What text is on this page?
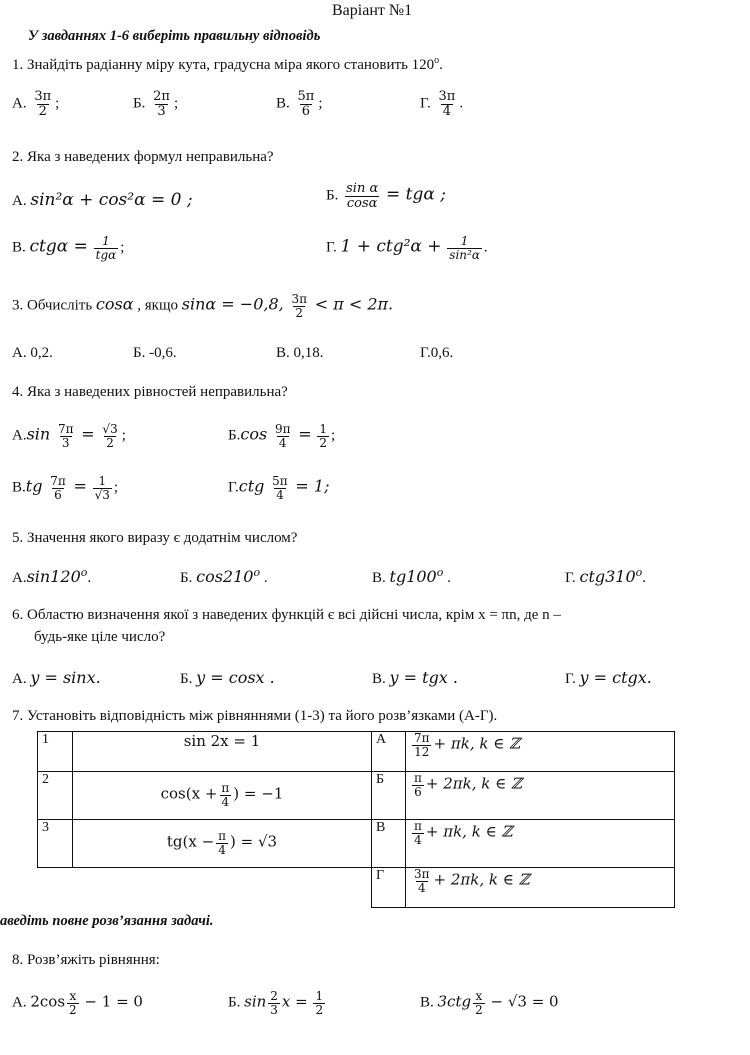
Варіант №1
У завданнях 1-6 виберіть правильну відповідь
1. Знайдіть радіанну міру кута, градусна міра якого становить $120^о$.
А. $\frac{3\pi}{2}$ ;	Б. $\frac{2\pi}{3}$ ;	В. $\frac{5\pi}{6}$ ;	Г. $\frac{3\pi}{4}$ .
2. Яка з наведених формул неправильна?
А. sin²α + cos²α = 0 ;	Б. $\frac{\text{sin α}}{\cos\alpha} = tg\alpha$ ;
В. $ctg\alpha = \frac{1}{\text{tgα}}$ ;	Г. $1 + ctg^2\alpha + \frac{1}{\text{sin²α}}$ .
3. Обчисліть cosα , якщо sinα = −0,8, $\frac{3\pi}{2} < \pi < 2\pi$.
А. 0,2.	Б. -0,6.	В. 0,18.	Г.0,6.
4. Яка з наведених рівностей неправильна?
$А.\sin \frac{7\pi}{3} = \frac{√3}{2}$ ;	$Б.\cos \frac{9\pi}{4} = \frac{1}{2}$ ;
$В.tg \frac{7\pi}{6} = \frac{1}{√3}$ ;	$Г.ctg \frac{5\pi}{4} = 1$;
5. Значення якого виразу є додатнім числом?
$А.\sin 120^о$.	Б. $\cos 210^о$ .	В. $tg100^о$ .	Г. $ctg310^о$.
6. Областю визначення якої з наведених функцій є всі дійсні числа, крім x = πn, де n –
будь-яке ціле число?
А. y = sinx.	Б. y = cosx .	В. y = tgx .	Г. y = ctgx.
7. Установіть відповідність між рівняннями (1-3) та його розв’язками (А-Г).
1	sin 2x = 1	А	$\frac{7\pi}{12} + \pi k$, k ∈ ℤ
2	$\cos(x + \frac{\pi}{4}$ ) = −1	Б	$\frac{\pi}{6} + 2\pi k$, k ∈ ℤ
3	$tg(x - \frac{\pi}{4}$ ) = √3	В	$\frac{\pi}{4} + \pi k$, k ∈ ℤ
		Г	$\frac{3\pi}{4} + 2\pi k$, k ∈ ℤ
аведіть повне розв’язання задачі.
8. Розв’яжіть рівняння:
А. $2\cos \frac{x}{2} - 1 = 0$	Б. $\sin \frac{2}{3}$ $x = \frac{1}{2}$	В. $3ctg \frac{x}{2} - √3 = 0$
